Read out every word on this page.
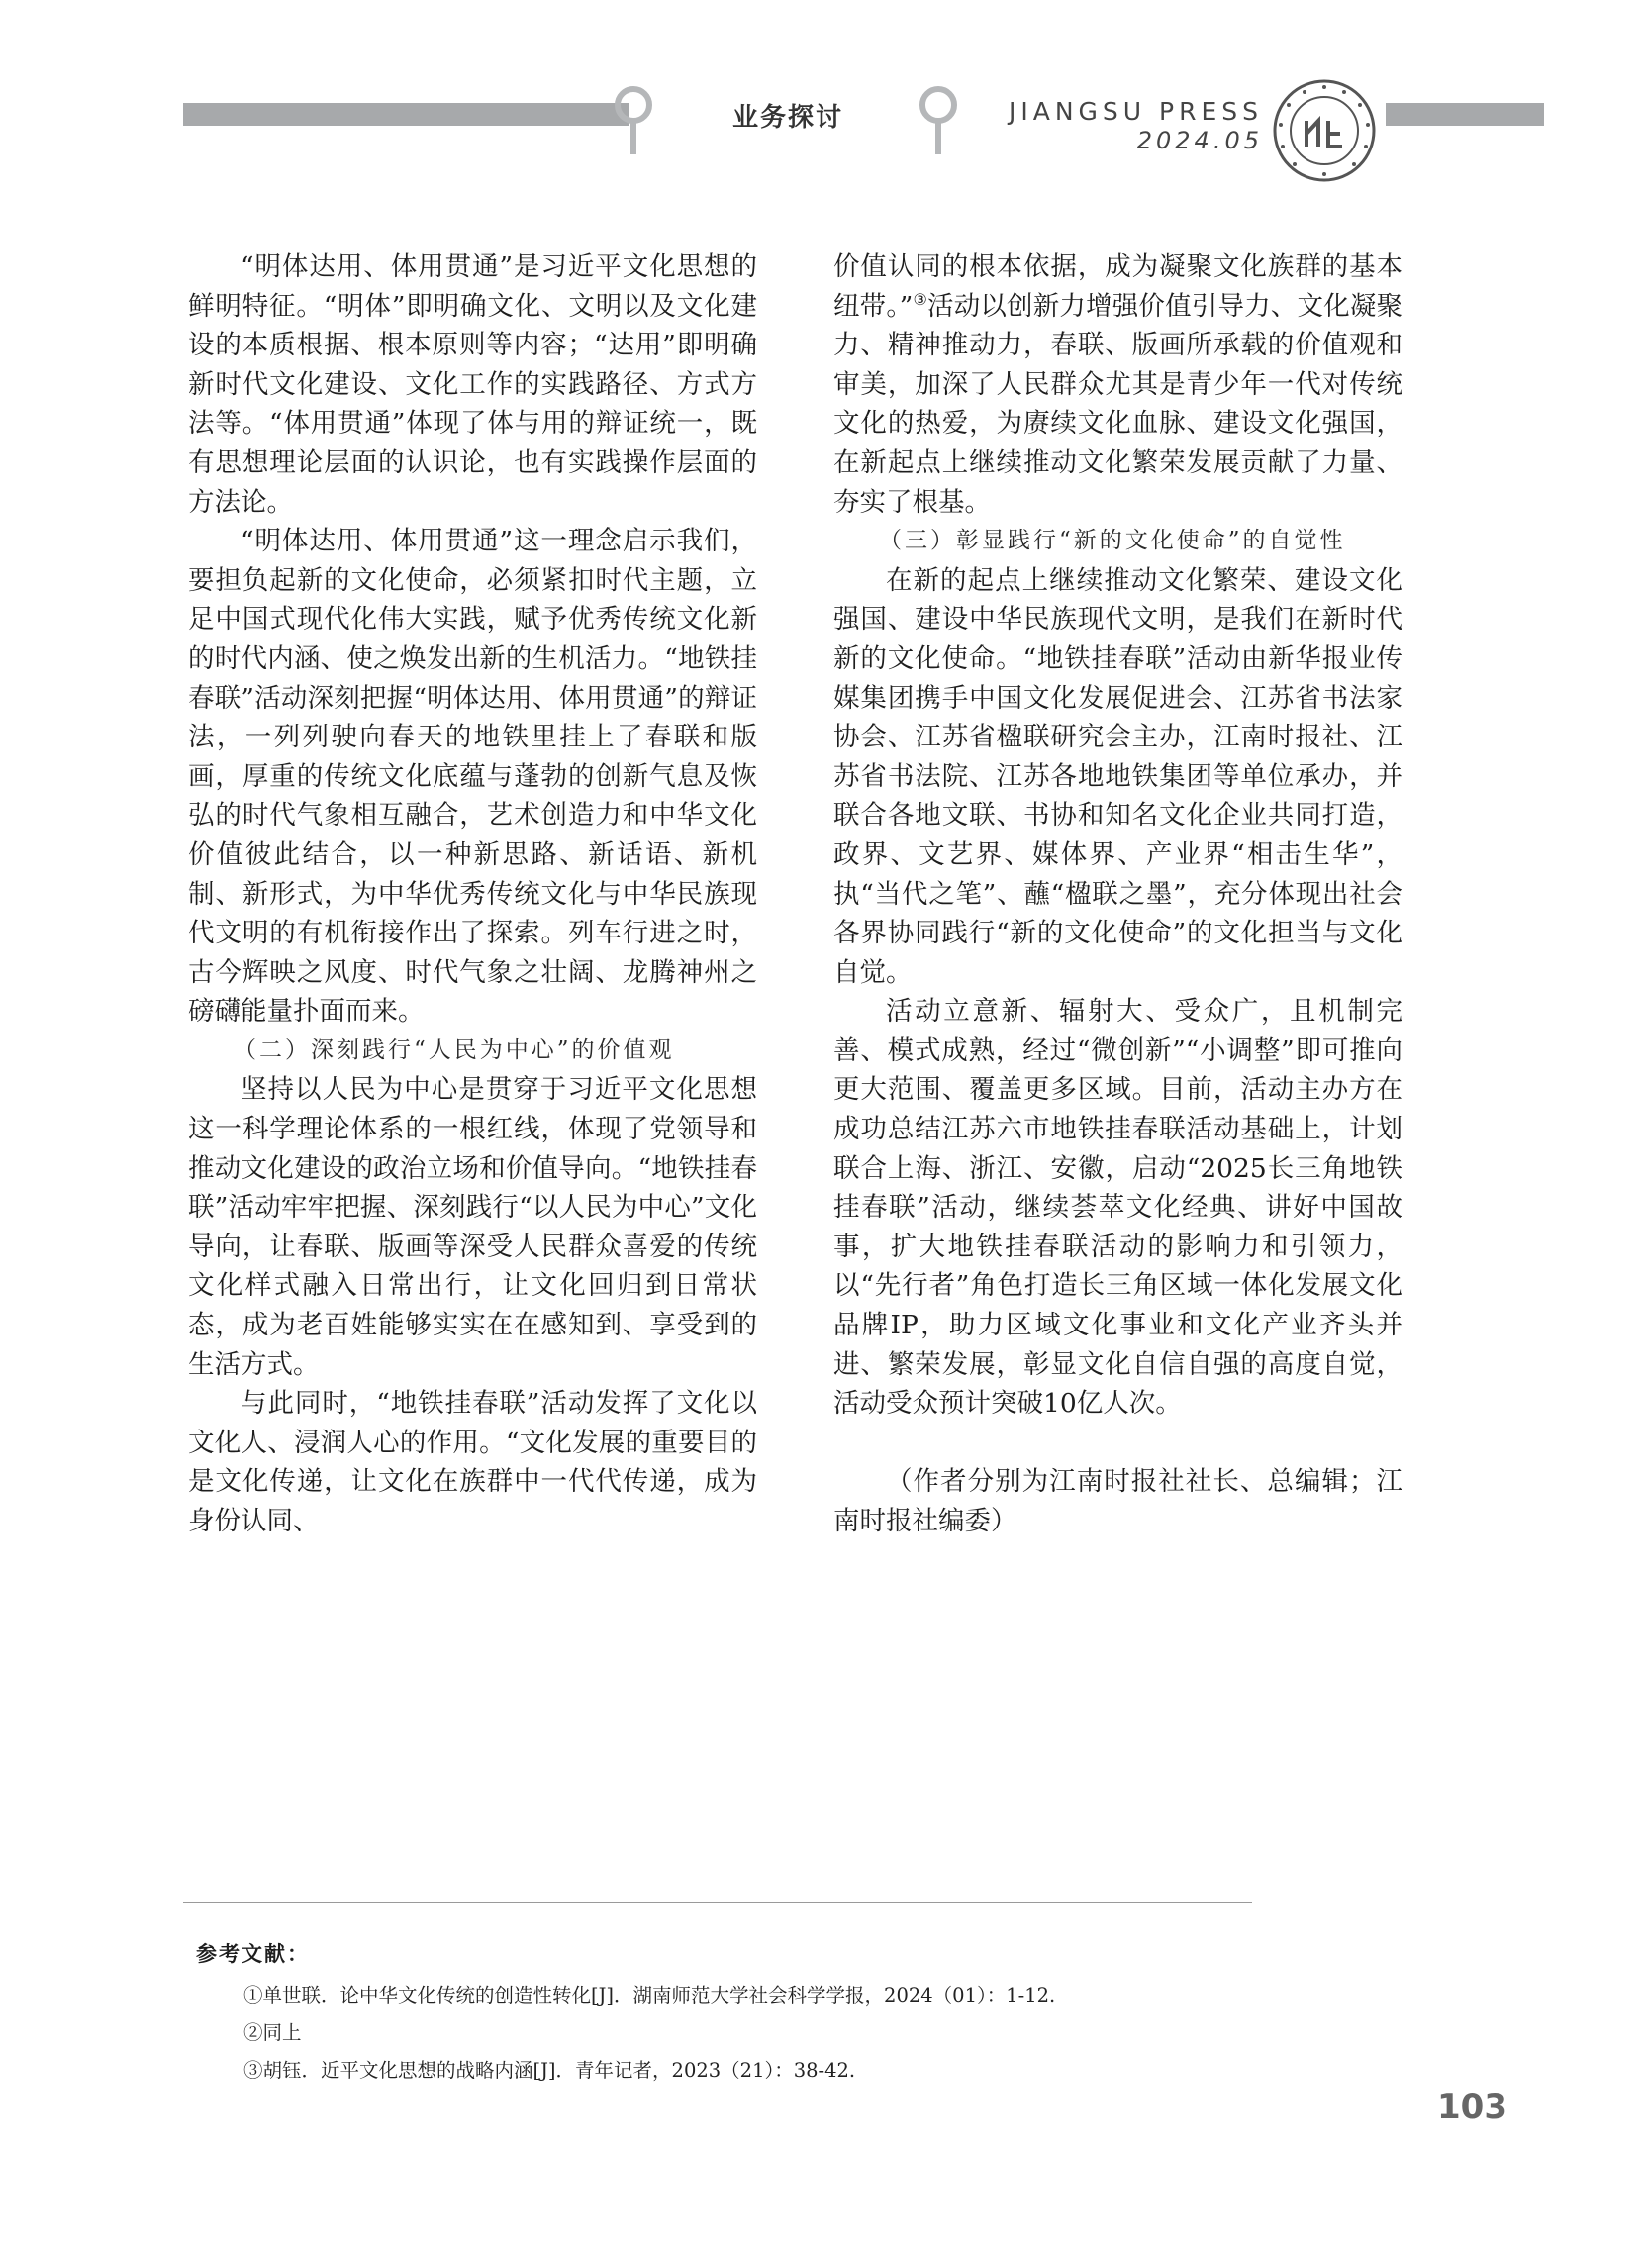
业务探讨	JIANGSU PRESS
2024.05

“明体达用、体用贯通”是习近平文化思想的鲜明特征。“明体”即明确文化、文明以及文化建设的本质根据、根本原则等内容；“达用”即明确新时代文化建设、文化工作的实践路径、方式方法等。“体用贯通”体现了体与用的辩证统一，既有思想理论层面的认识论，也有实践操作层面的方法论。

“明体达用、体用贯通”这一理念启示我们，要担负起新的文化使命，必须紧扣时代主题，立足中国式现代化伟大实践，赋予优秀传统文化新的时代内涵、使之焕发出新的生机活力。“地铁挂春联”活动深刻把握“明体达用、体用贯通”的辩证法，一列列驶向春天的地铁里挂上了春联和版画，厚重的传统文化底蕴与蓬勃的创新气息及恢弘的时代气象相互融合，艺术创造力和中华文化价值彼此结合，以一种新思路、新话语、新机制、新形式，为中华优秀传统文化与中华民族现代文明的有机衔接作出了探索。列车行进之时，古今辉映之风度、时代气象之壮阔、龙腾神州之磅礴能量扑面而来。

（二）深刻践行“人民为中心”的价值观

坚持以人民为中心是贯穿于习近平文化思想这一科学理论体系的一根红线，体现了党领导和推动文化建设的政治立场和价值导向。“地铁挂春联”活动牢牢把握、深刻践行“以人民为中心”文化导向，让春联、版画等深受人民群众喜爱的传统文化样式融入日常出行，让文化回归到日常状态，成为老百姓能够实实在在感知到、享受到的生活方式。

与此同时，“地铁挂春联”活动发挥了文化以文化人、浸润人心的作用。“文化发展的重要目的是文化传递，让文化在族群中一代代传递，成为身份认同、

价值认同的根本依据，成为凝聚文化族群的基本纽带。”③活动以创新力增强价值引导力、文化凝聚力、精神推动力，春联、版画所承载的价值观和审美，加深了人民群众尤其是青少年一代对传统文化的热爱，为赓续文化血脉、建设文化强国，在新起点上继续推动文化繁荣发展贡献了力量、夯实了根基。

（三）彰显践行“新的文化使命”的自觉性

在新的起点上继续推动文化繁荣、建设文化强国、建设中华民族现代文明，是我们在新时代新的文化使命。“地铁挂春联”活动由新华报业传媒集团携手中国文化发展促进会、江苏省书法家协会、江苏省楹联研究会主办，江南时报社、江苏省书法院、江苏各地地铁集团等单位承办，并联合各地文联、书协和知名文化企业共同打造，政界、文艺界、媒体界、产业界“相击生华”，执“当代之笔”、蘸“楹联之墨”，充分体现出社会各界协同践行“新的文化使命”的文化担当与文化自觉。

活动立意新、辐射大、受众广，且机制完善、模式成熟，经过“微创新”“小调整”即可推向更大范围、覆盖更多区域。目前，活动主办方在成功总结江苏六市地铁挂春联活动基础上，计划联合上海、浙江、安徽，启动“2025长三角地铁挂春联”活动，继续荟萃文化经典、讲好中国故事，扩大地铁挂春联活动的影响力和引领力，以“先行者”角色打造长三角区域一体化发展文化品牌IP，助力区域文化事业和文化产业齐头并进、繁荣发展，彰显文化自信自强的高度自觉，活动受众预计突破10亿人次。

（作者分别为江南时报社社长、总编辑；江南时报社编委）

参考文献：
①单世联．论中华文化传统的创造性转化[J]．湖南师范大学社会科学学报，2024（01）：1-12.
②同上
③胡钰．近平文化思想的战略内涵[J]．青年记者，2023（21）：38-42.
103
